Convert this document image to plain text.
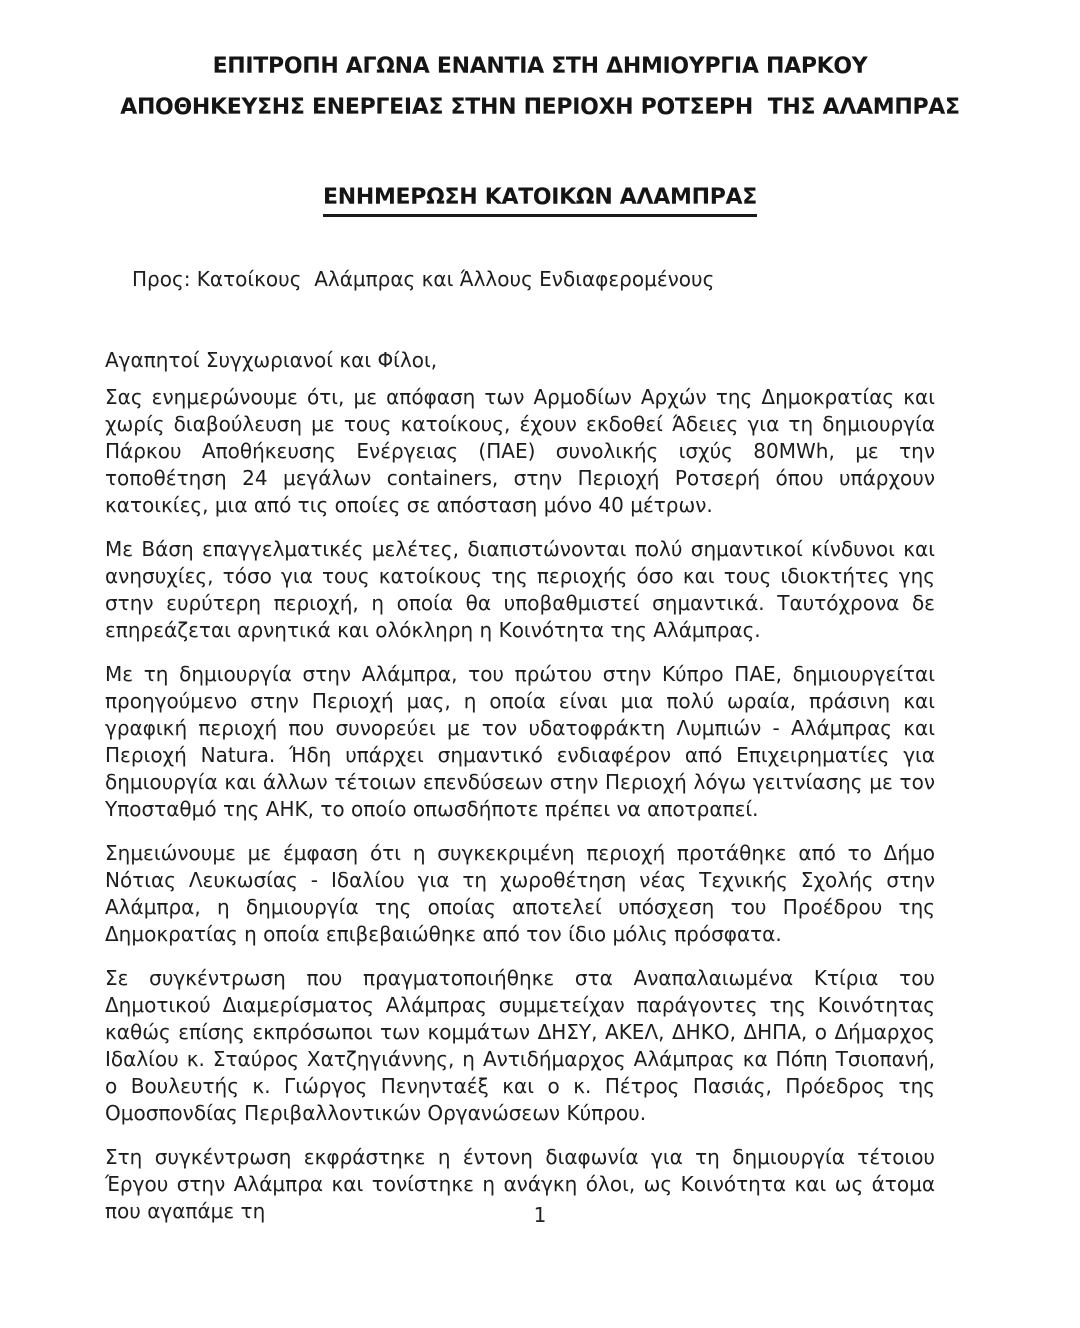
ΕΠΙΤΡΟΠΗ ΑΓΩΝΑ ΕΝΑΝΤΙΑ ΣΤΗ ΔΗΜΙΟΥΡΓΙΑ ΠΑΡΚΟΥ
ΑΠΟΘΗΚΕΥΣΗΣ ΕΝΕΡΓΕΙΑΣ ΣΤΗΝ ΠΕΡΙΟΧΗ ΡΟΤΣΕΡΗ  ΤΗΣ ΑΛΑΜΠΡΑΣ
ΕΝΗΜΕΡΩΣΗ ΚΑΤΟΙΚΩΝ ΑΛΑΜΠΡΑΣ

Προς: Κατοίκους  Αλάμπρας και Άλλους Ενδιαφερομένους

Αγαπητοί Συγχωριανοί και Φίλοι,

Σας ενημερώνουμε ότι, με απόφαση των Αρμοδίων Αρχών της Δημοκρατίας και χωρίς διαβούλευση με τους κατοίκους, έχουν εκδοθεί Άδειες για τη δημιουργία Πάρκου Αποθήκευσης Ενέργειας (ΠΑΕ) συνολικής ισχύς 80MWh, με την τοποθέτηση 24 μεγάλων containers, στην Περιοχή Ροτσερή όπου υπάρχουν κατοικίες, μια από τις οποίες σε απόσταση μόνο 40 μέτρων.

Με Βάση επαγγελματικές μελέτες, διαπιστώνονται πολύ σημαντικοί κίνδυνοι και ανησυχίες, τόσο για τους κατοίκους της περιοχής όσο και τους ιδιοκτήτες γης στην ευρύτερη περιοχή, η οποία θα υποβαθμιστεί σημαντικά. Ταυτόχρονα δε επηρεάζεται αρνητικά και ολόκληρη η Κοινότητα της Αλάμπρας.

Με τη δημιουργία στην Αλάμπρα, του πρώτου στην Κύπρο ΠΑΕ, δημιουργείται προηγούμενο στην Περιοχή μας, η οποία είναι μια πολύ ωραία, πράσινη και γραφική περιοχή που συνορεύει με τον υδατοφράκτη Λυμπιών - Αλάμπρας και Περιοχή Natura. Ήδη υπάρχει σημαντικό ενδιαφέρον από Επιχειρηματίες για δημιουργία και άλλων τέτοιων επενδύσεων στην Περιοχή λόγω γειτνίασης με τον Υποσταθμό της ΑΗΚ, το οποίο οπωσδήποτε πρέπει να αποτραπεί.

Σημειώνουμε με έμφαση ότι η συγκεκριμένη περιοχή προτάθηκε από το Δήμο Νότιας Λευκωσίας - Ιδαλίου για τη χωροθέτηση νέας Τεχνικής Σχολής στην Αλάμπρα, η δημιουργία της οποίας αποτελεί υπόσχεση του Προέδρου της Δημοκρατίας η οποία επιβεβαιώθηκε από τον ίδιο μόλις πρόσφατα.

Σε συγκέντρωση που πραγματοποιήθηκε στα Αναπαλαιωμένα Κτίρια του Δημοτικού Διαμερίσματος Αλάμπρας συμμετείχαν παράγοντες της Κοινότητας καθώς επίσης εκπρόσωποι των κομμάτων ΔΗΣΥ, ΑΚΕΛ, ΔΗΚΟ, ΔΗΠΑ, ο Δήμαρχος Ιδαλίου κ. Σταύρος Χατζηγιάννης, η Αντιδήμαρχος Αλάμπρας κα Πόπη Τσιοπανή, ο Βουλευτής κ. Γιώργος Πενηνταέξ και ο κ. Πέτρος Πασιάς, Πρόεδρος της Ομοσπονδίας Περιβαλλοντικών Οργανώσεων Κύπρου.

Στη συγκέντρωση εκφράστηκε η έντονη διαφωνία για τη δημιουργία τέτοιου Έργου στην Αλάμπρα και τονίστηκε η ανάγκη όλοι, ως Κοινότητα και ως άτομα που αγαπάμε τη	1
